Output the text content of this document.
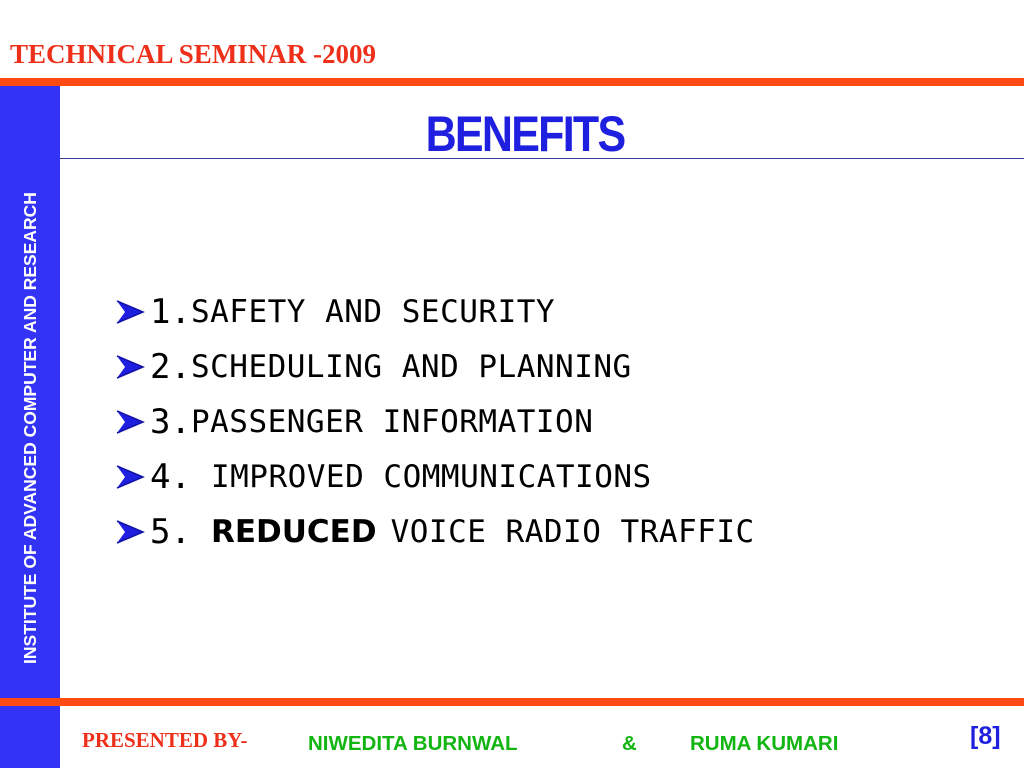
TECHNICAL SEMINAR -2009
INSTITUTE OF ADVANCED COMPUTER AND RESEARCH
BENEFITS
1. SAFETY AND SECURITY
2. SCHEDULING AND PLANNING
3. PASSENGER INFORMATION
4. IMPROVED COMMUNICATIONS
5. REDUCED VOICE RADIO TRAFFIC
PRESENTED BY-	NIWEDITA BURNWAL	&	RUMA KUMARI	[8]
